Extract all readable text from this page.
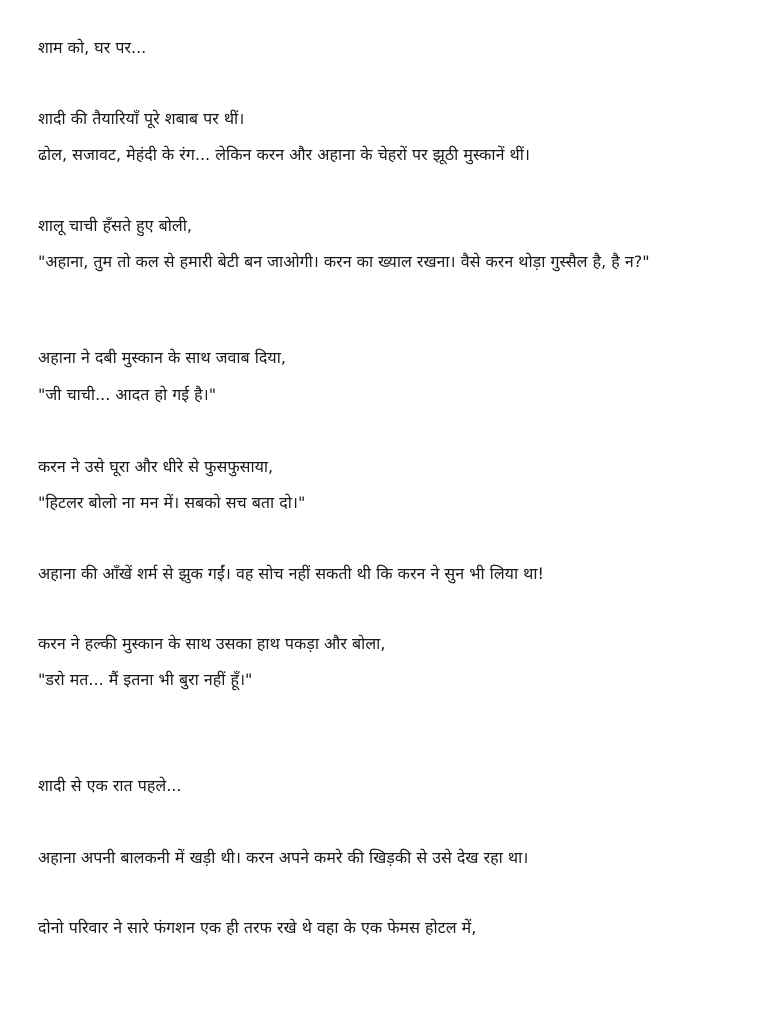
शाम को, घर पर...
शादी की तैयारियाँ पूरे शबाब पर थीं।
ढोल, सजावट, मेहंदी के रंग... लेकिन करन और अहाना के चेहरों पर झूठी मुस्कानें थीं।
शालू चाची हँसते हुए बोली,
"अहाना, तुम तो कल से हमारी बेटी बन जाओगी। करन का ख्याल रखना। वैसे करन थोड़ा गुस्सैल है, है न?"
अहाना ने दबी मुस्कान के साथ जवाब दिया,
"जी चाची... आदत हो गई है।"
करन ने उसे घूरा और धीरे से फुसफुसाया,
"हिटलर बोलो ना मन में। सबको सच बता दो।"
अहाना की आँखें शर्म से झुक गईं। वह सोच नहीं सकती थी कि करन ने सुन भी लिया था!
करन ने हल्की मुस्कान के साथ उसका हाथ पकड़ा और बोला,
"डरो मत... मैं इतना भी बुरा नहीं हूँ।"
शादी से एक रात पहले...
अहाना अपनी बालकनी में खड़ी थी। करन अपने कमरे की खिड़की से उसे देख रहा था।
दोनो परिवार ने सारे फंगशन एक ही तरफ रखे थे वहा के एक फेमस होटल में,
